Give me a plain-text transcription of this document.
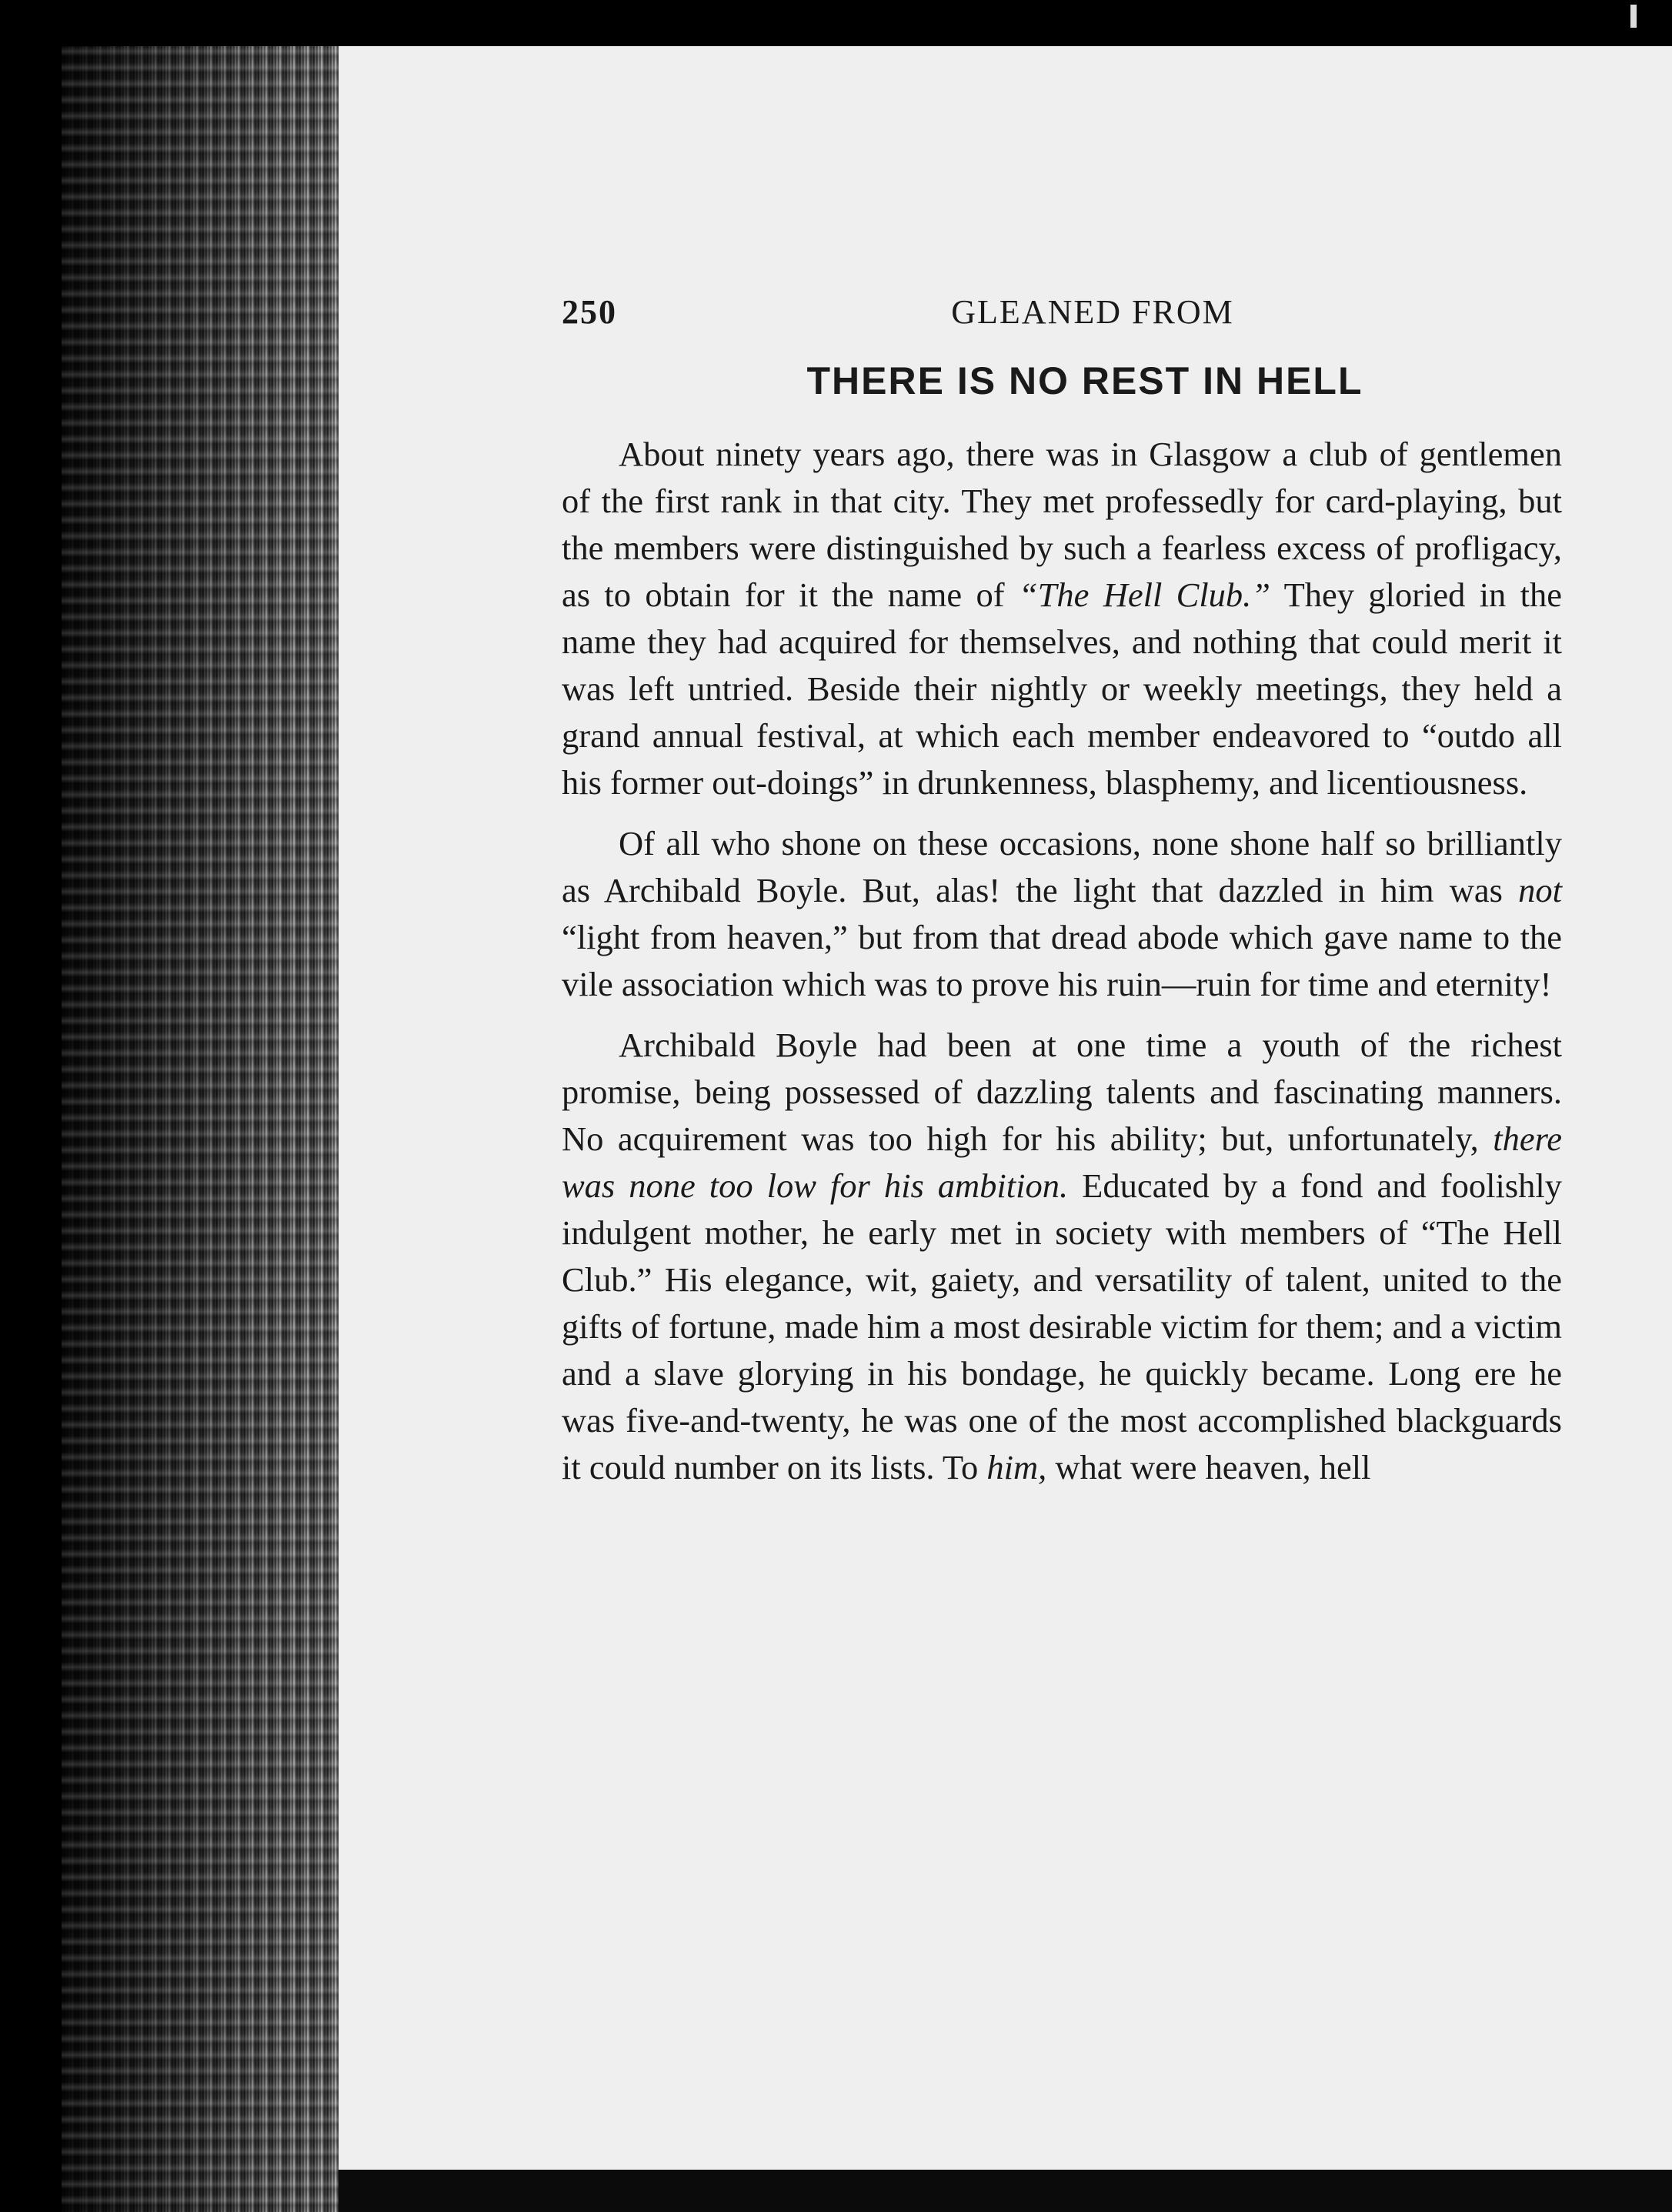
250	GLEANED FROM
THERE IS NO REST IN HELL

About ninety years ago, there was in Glasgow a club of gentlemen of the first rank in that city. They met professedly for card-playing, but the members were distinguished by such a fearless excess of profligacy, as to obtain for it the name of “The Hell Club.” They gloried in the name they had acquired for themselves, and nothing that could merit it was left untried. Beside their nightly or weekly meetings, they held a grand annual festival, at which each member endeavored to “outdo all his former out-doings” in drunkenness, blasphemy, and licentiousness.

Of all who shone on these occasions, none shone half so brilliantly as Archibald Boyle. But, alas! the light that dazzled in him was not “light from heaven,” but from that dread abode which gave name to the vile association which was to prove his ruin—ruin for time and eternity!

Archibald Boyle had been at one time a youth of the richest promise, being possessed of dazzling talents and fascinating manners. No acquirement was too high for his ability; but, unfortunately, there was none too low for his ambition. Educated by a fond and foolishly indulgent mother, he early met in society with members of “The Hell Club.” His elegance, wit, gaiety, and versatility of talent, united to the gifts of fortune, made him a most desirable victim for them; and a victim and a slave glorying in his bondage, he quickly became. Long ere he was five-and-twenty, he was one of the most accomplished blackguards it could number on its lists. To him, what were heaven, hell
